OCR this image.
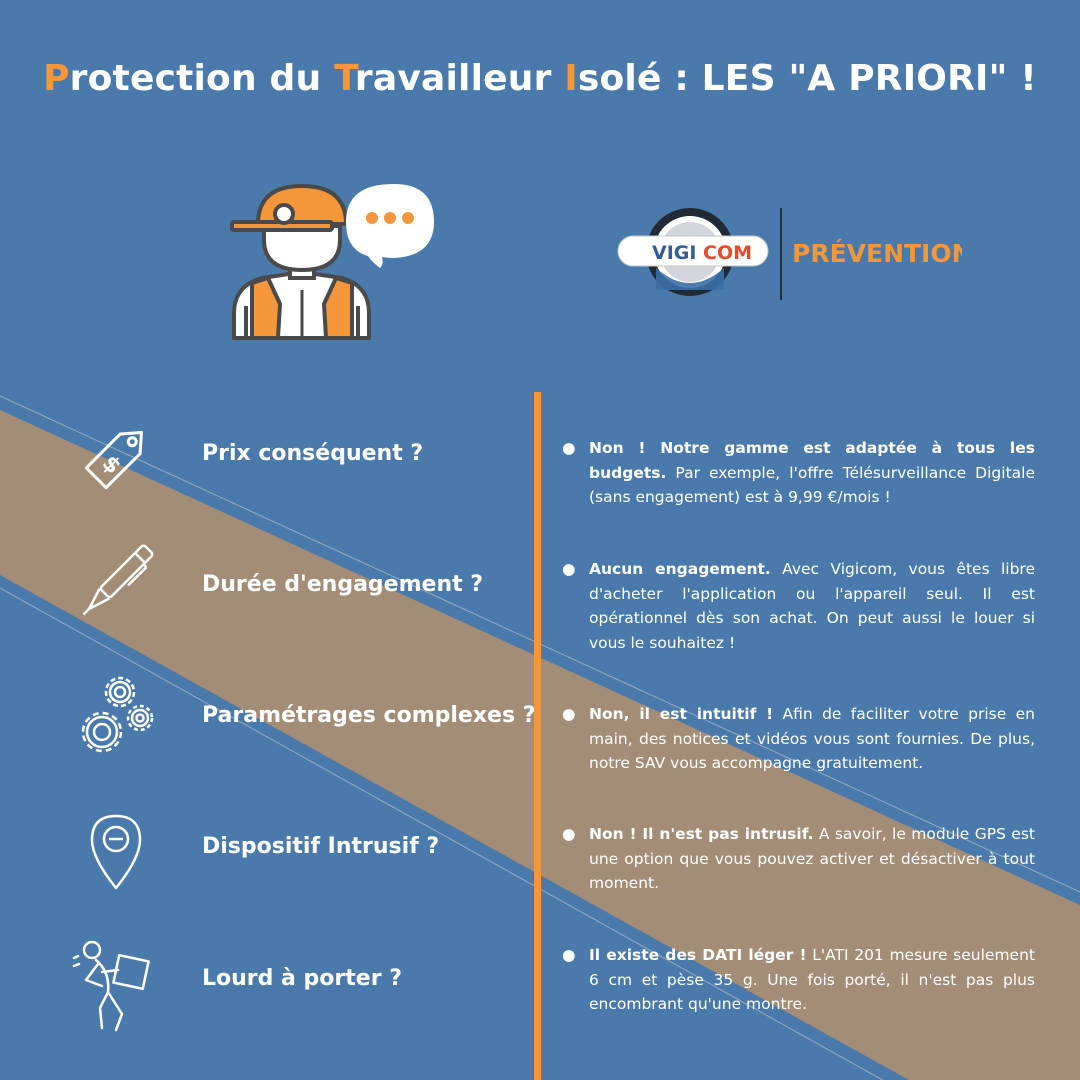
Protection du Travailleur Isolé : LES "A PRIORI" !
VIGI COM PRÉVENTION
$	Prix conséquent ?	● Non ! Notre gamme est adaptée à tous les budgets. Par exemple, l'offre Télésurveillance Digitale (sans engagement) est à 9,99 €/mois !

Durée d'engagement ?
● Aucun engagement. Avec Vigicom, vous êtes libre d'acheter l'application ou l'appareil seul. Il est opérationnel dès son achat. On peut aussi le louer si vous le souhaitez !

Paramétrages complexes ? ● Non, il est intuitif ! Afin de faciliter votre prise en main, des notices et vidéos vous sont fournies. De plus, notre SAV vous accompagne gratuitement.

Dispositif Intrusif ?	● Non ! Il n'est pas intrusif. A savoir, le module GPS est une option que vous pouvez activer et désactiver à tout moment.

Lourd à porter ?
● Il existe des DATI léger ! L'ATI 201 mesure seulement 6 cm et pèse 35 g. Une fois porté, il n'est pas plus encombrant qu'une montre.
